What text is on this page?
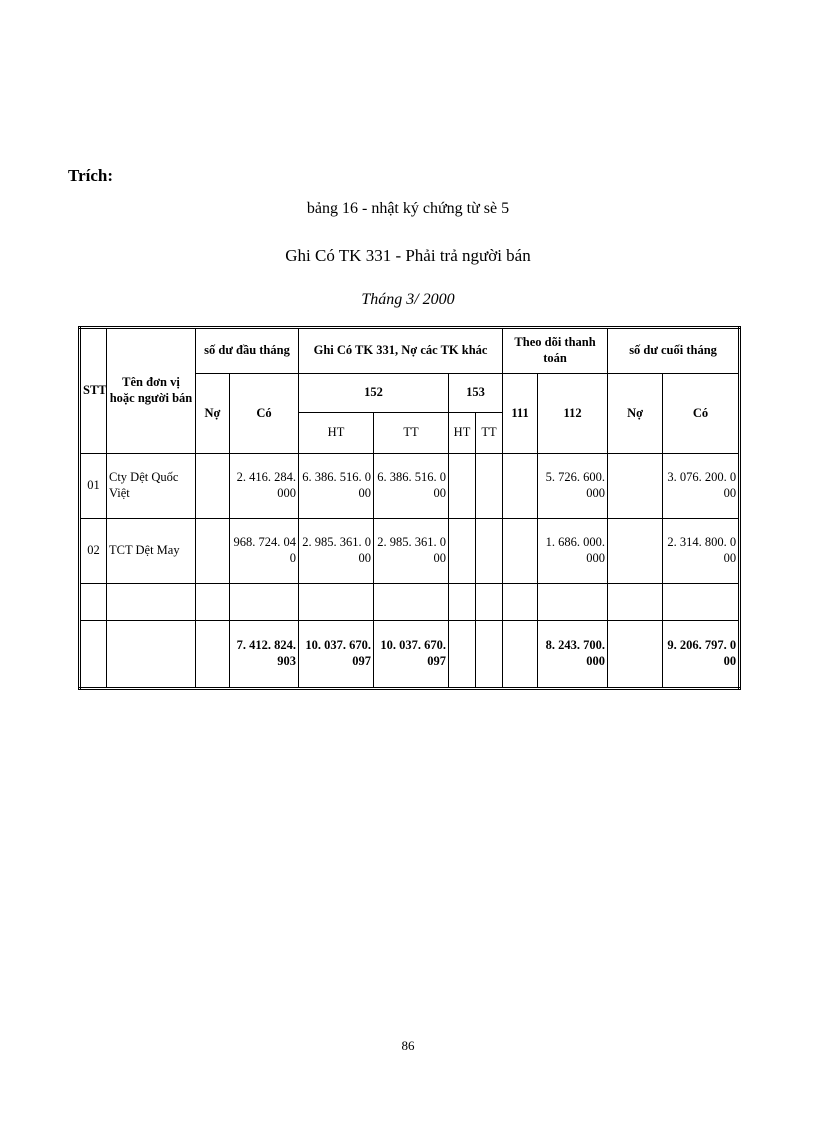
Trích:
bảng 16 - nhật ký chứng từ sè 5
Ghi Có TK 331 - Phải trả người bán
Tháng 3/ 2000
STT	Tên đơn vị hoặc người bán	số dư đầu tháng		Ghi Có TK 331, Nợ các TK khác				Theo dõi thanh toán		số dư cuối tháng	
		Nợ	Có	152		153		111	112	Nợ	Có
				HT	TT	HT	TT				
01	Cty Dệt Quốc Việt		2. 416. 284. 000	6. 386. 516. 000	6. 386. 516. 000				5. 726. 600. 000		3. 076. 200. 000
02	TCT Dệt May		968. 724. 040	2. 985. 361. 000	2. 985. 361. 000				1. 686. 000. 000		2. 314. 800. 000

			7. 412. 824. 903	10. 037. 670. 097	10. 037. 670. 097				8. 243. 700. 000		9. 206. 797. 000
86
